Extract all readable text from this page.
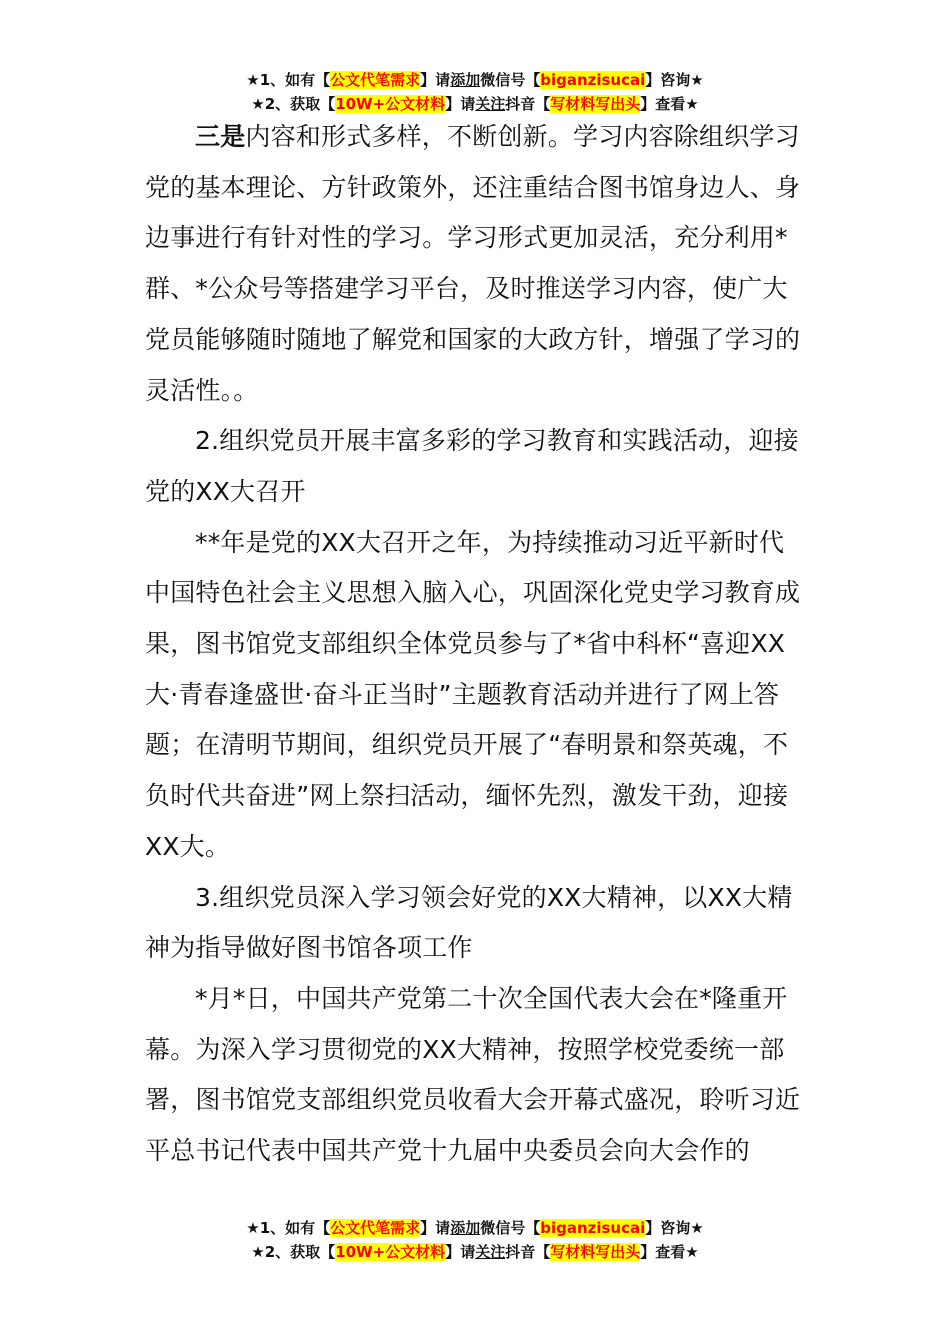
★1、如有【公文代笔需求】请添加微信号【biganzisucai】咨询★
★2、获取【10W+公文材料】请关注抖音【写材料写出头】查看★

三是内容和形式多样，不断创新。学习内容除组织学习党的基本理论、方针政策外，还注重结合图书馆身边人、身边事进行有针对性的学习。学习形式更加灵活，充分利用*群、*公众号等搭建学习平台，及时推送学习内容，使广大党员能够随时随地了解党和国家的大政方针，增强了学习的灵活性。。

2.组织党员开展丰富多彩的学习教育和实践活动，迎接党的XX大召开

**年是党的XX大召开之年，为持续推动习近平新时代中国特色社会主义思想入脑入心，巩固深化党史学习教育成果，图书馆党支部组织全体党员参与了*省中科杯“喜迎XX大·青春逢盛世·奋斗正当时”主题教育活动并进行了网上答题；在清明节期间，组织党员开展了“春明景和祭英魂，不负时代共奋进”网上祭扫活动，缅怀先烈，激发干劲，迎接XX大。

3.组织党员深入学习领会好党的XX大精神，以XX大精神为指导做好图书馆各项工作

*月*日，中国共产党第二十次全国代表大会在*隆重开幕。为深入学习贯彻党的XX大精神，按照学校党委统一部署，图书馆党支部组织党员收看大会开幕式盛况，聆听习近平总书记代表中国共产党十九届中央委员会向大会作的

★1、如有【公文代笔需求】请添加微信号【biganzisucai】咨询★
★2、获取【10W+公文材料】请关注抖音【写材料写出头】查看★
